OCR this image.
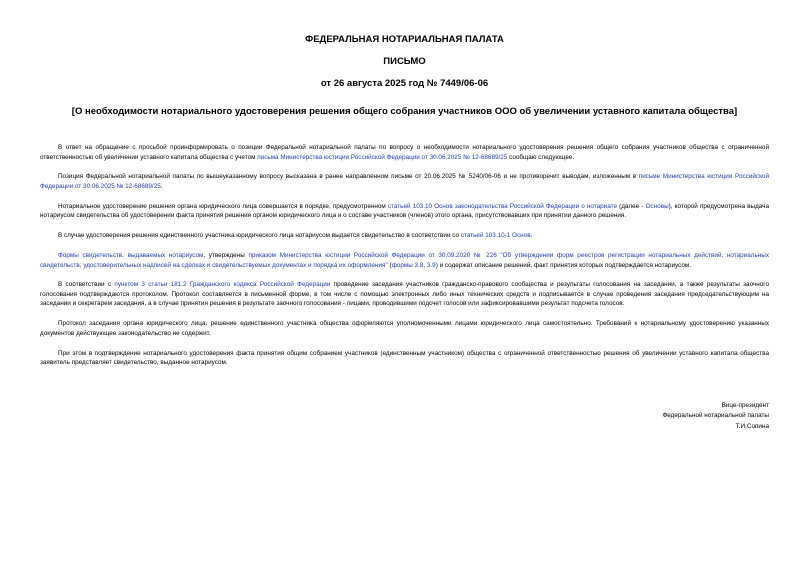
ФЕДЕРАЛЬНАЯ НОТАРИАЛЬНАЯ ПАЛАТА
ПИСЬМО
от 26 августа 2025 год № 7449/06-06
[О необходимости нотариального удостоверения решения общего собрания участников ООО об увеличении уставного капитала общества]

В ответ на обращение с просьбой проинформировать о позиции Федеральной нотариальной палаты по вопросу о необходимости нотариального удостоверения решения общего собрания участников общества с ограниченной ответственностью об увеличении уставного капитала общества с учетом письма Министерства юстиции Российской Федерации от 30.06.2025 № 12-68689/25 сообщаю следующее.

Позиция Федеральной нотариальной палаты по вышеуказанному вопросу высказана в ранее направленном письме от 20.06.2025 № 5240/06-06 и не противоречит выводам, изложенным в письме Министерства юстиции Российской Федерации от 30.06.2025 № 12-68689/25.

Нотариальное удостоверение решения органа юридического лица совершается в порядке, предусмотренном статьей 103.10 Основ законодательства Российской Федерации о нотариате (далее - Основы), которой предусмотрена выдача нотариусом свидетельства об удостоверении факта принятия решения органом юридического лица и о составе участников (членов) этого органа, присутствовавших при принятии данного решения.

В случае удостоверения решения единственного участника юридического лица нотариусом выдается свидетельство в соответствии со статьей 103.10-1 Основ.

Формы свидетельств, выдаваемых нотариусом, утверждены приказом Министерства юстиции Российской Федерации от 30.09.2020 № 226 "Об утверждении форм реестров регистрации нотариальных действий, нотариальных свидетельств, удостоверительных надписей на сделках и свидетельствуемых документах и порядка их оформления" (формы 3.8, 3.9) и содержат описание решений, факт принятия которых подтверждается нотариусом.

В соответствии с пунктом 3 статьи 181.2 Гражданского кодекса Российской Федерации проведение заседания участников гражданско-правового сообщества и результаты голосования на заседании, а также результаты заочного голосования подтверждаются протоколом. Протокол составляется в письменной форме, в том числе с помощью электронных либо иных технических средств и подписывается в случае проведения заседания председательствующим на заседании и секретарем заседания, а в случае принятия решения в результате заочного голосования - лицами, проводившими подсчет голосов или зафиксировавшими результат подсчета голосов.

Протокол заседания органа юридического лица, решение единственного участника общества оформляются уполномоченными лицами юридического лица самостоятельно. Требований к нотариальному удостоверению указанных документов действующее законодательство не содержит.

При этом в подтверждение нотариального удостоверения факта принятия общим собранием участников (единственным участником) общества с ограниченной ответственностью решения об увеличении уставного капитала общества заявитель представляет свидетельство, выданное нотариусом.

Вице-президент
Федеральной нотариальной палаты
Т.И.Сопина
